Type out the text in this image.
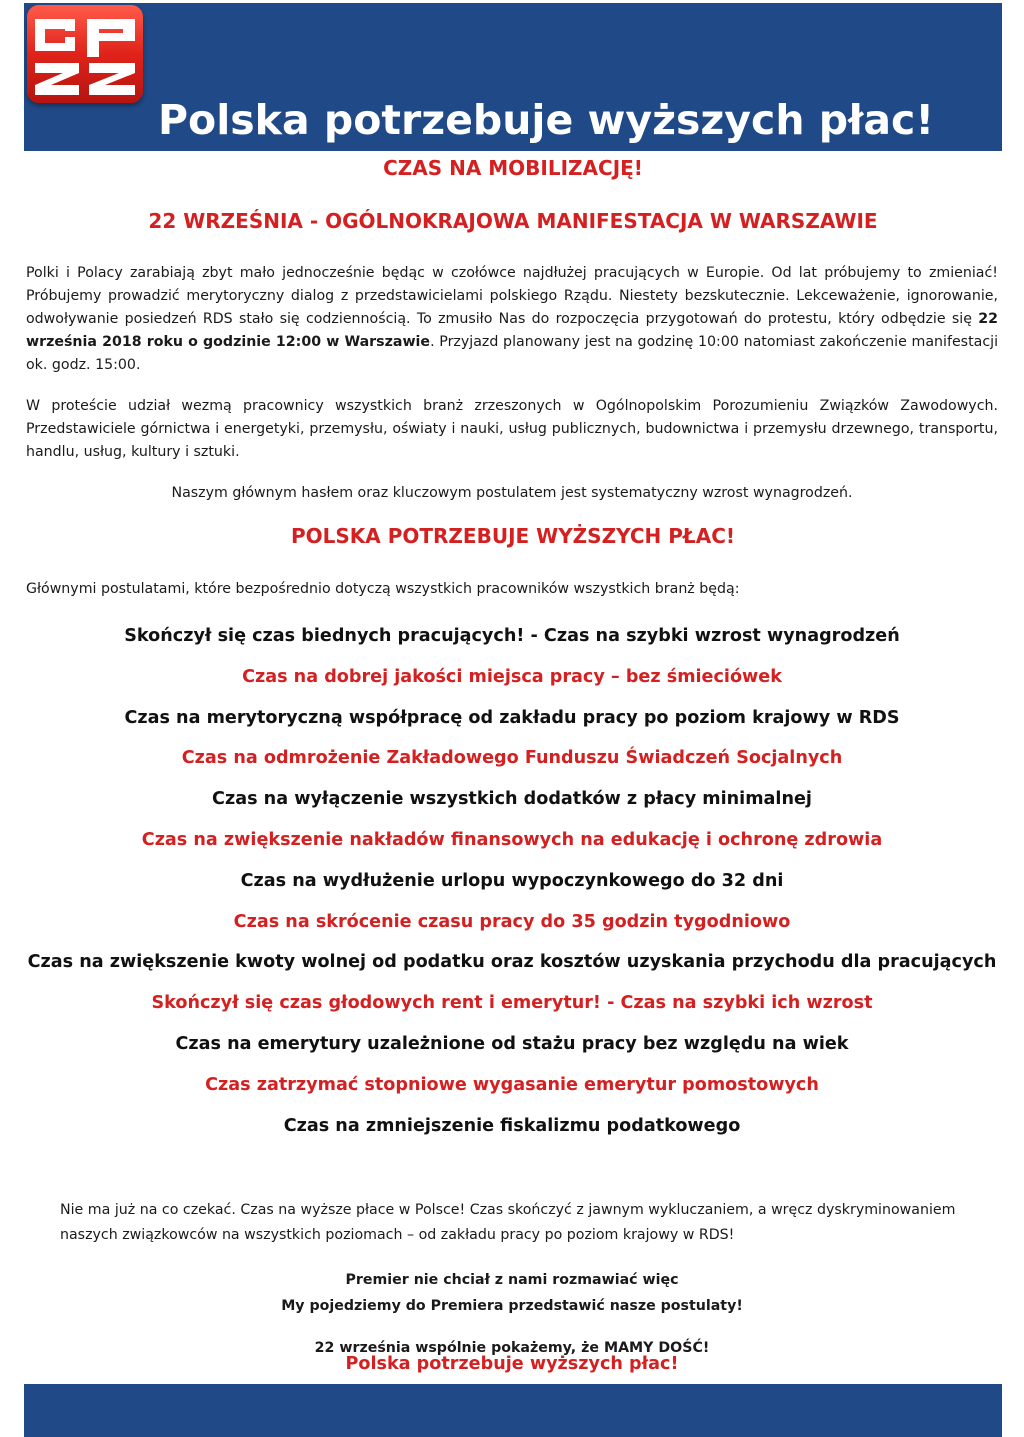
Polska potrzebuje wyższych płac!
CZAS NA MOBILIZACJĘ!
22 WRZEŚNIA - OGÓLNOKRAJOWA MANIFESTACJA W WARSZAWIE
Polki i Polacy zarabiają zbyt mało jednocześnie będąc w czołówce najdłużej pracujących w Europie. Od lat próbujemy to zmieniać! Próbujemy prowadzić merytoryczny dialog z przedstawicielami polskiego Rządu. Niestety bezskutecznie. Lekceważenie, ignorowanie, odwoływanie posiedzeń RDS stało się codziennością. To zmusiło Nas do rozpoczęcia przygotowań do protestu, który odbędzie się 22 września 2018 roku o godzinie 12:00 w Warszawie. Przyjazd planowany jest na godzinę 10:00 natomiast zakończenie manifestacji ok. godz. 15:00.
W proteście udział wezmą pracownicy wszystkich branż zrzeszonych w Ogólnopolskim Porozumieniu Związków Zawodowych. Przedstawiciele górnictwa i energetyki, przemysłu, oświaty i nauki, usług publicznych, budownictwa i przemysłu drzewnego, transportu, handlu, usług, kultury i sztuki.
Naszym głównym hasłem oraz kluczowym postulatem jest systematyczny wzrost wynagrodzeń.
POLSKA POTRZEBUJE WYŻSZYCH PŁAC!
Głównymi postulatami, które bezpośrednio dotyczą wszystkich pracowników wszystkich branż będą:
Skończył się czas biednych pracujących! - Czas na szybki wzrost wynagrodzeń
Czas na dobrej jakości miejsca pracy – bez śmieciówek
Czas na merytoryczną współpracę od zakładu pracy po poziom krajowy w RDS
Czas na odmrożenie Zakładowego Funduszu Świadczeń Socjalnych
Czas na wyłączenie wszystkich dodatków z płacy minimalnej
Czas na zwiększenie nakładów finansowych na edukację i ochronę zdrowia
Czas na wydłużenie urlopu wypoczynkowego do 32 dni
Czas na skrócenie czasu pracy do 35 godzin tygodniowo
Czas na zwiększenie kwoty wolnej od podatku oraz kosztów uzyskania przychodu dla pracujących
Skończył się czas głodowych rent i emerytur! - Czas na szybki ich wzrost
Czas na emerytury uzależnione od stażu pracy bez względu na wiek
Czas zatrzymać stopniowe wygasanie emerytur pomostowych
Czas na zmniejszenie fiskalizmu podatkowego
Nie ma już na co czekać. Czas na wyższe płace w Polsce! Czas skończyć z jawnym wykluczaniem, a wręcz dyskryminowaniem naszych związkowców na wszystkich poziomach – od zakładu pracy po poziom krajowy w RDS!
Premier nie chciał z nami rozmawiać więc
My pojedziemy do Premiera przedstawić nasze postulaty!
22 września wspólnie pokażemy, że MAMY DOŚĆ!
Polska potrzebuje wyższych płac!
